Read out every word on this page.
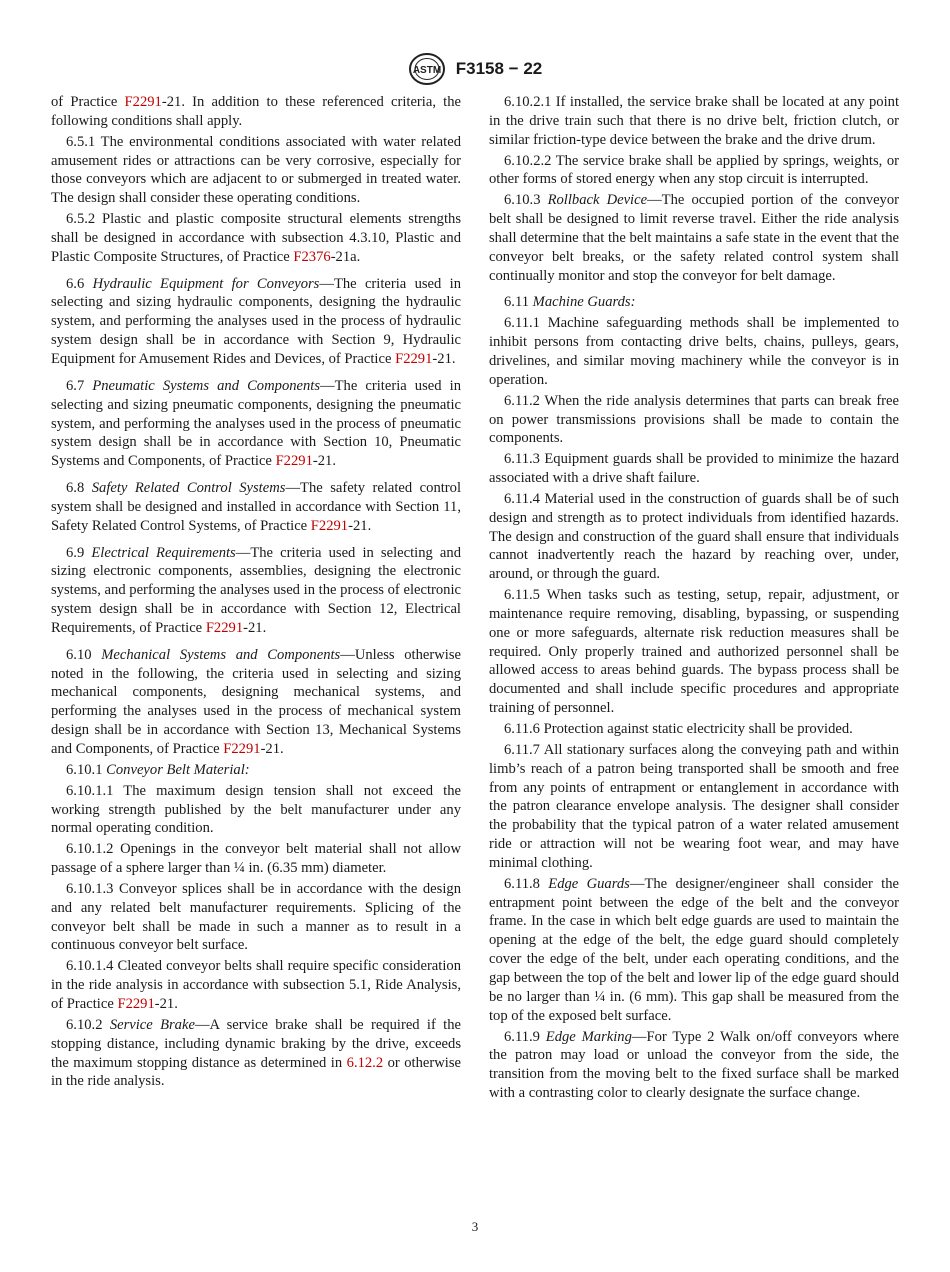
ASTM F3158 − 22

of Practice F2291-21. In addition to these referenced criteria, the following conditions shall apply.

6.5.1 The environmental conditions associated with water related amusement rides or attractions can be very corrosive, especially for those conveyors which are adjacent to or submerged in treated water. The design shall consider these operating conditions.

6.5.2 Plastic and plastic composite structural elements strengths shall be designed in accordance with subsection 4.3.10, Plastic and Plastic Composite Structures, of Practice F2376-21a.

6.6 Hydraulic Equipment for Conveyors—The criteria used in selecting and sizing hydraulic components, designing the hydraulic system, and performing the analyses used in the process of hydraulic system design shall be in accordance with Section 9, Hydraulic Equipment for Amusement Rides and Devices, of Practice F2291-21.

6.7 Pneumatic Systems and Components—The criteria used in selecting and sizing pneumatic components, designing the pneumatic system, and performing the analyses used in the process of pneumatic system design shall be in accordance with Section 10, Pneumatic Systems and Components, of Practice F2291-21.

6.8 Safety Related Control Systems—The safety related control system shall be designed and installed in accordance with Section 11, Safety Related Control Systems, of Practice F2291-21.

6.9 Electrical Requirements—The criteria used in selecting and sizing electronic components, assemblies, designing the electronic systems, and performing the analyses used in the process of electronic system design shall be in accordance with Section 12, Electrical Requirements, of Practice F2291-21.

6.10 Mechanical Systems and Components—Unless otherwise noted in the following, the criteria used in selecting and sizing mechanical components, designing mechanical systems, and performing the analyses used in the process of mechanical system design shall be in accordance with Section 13, Mechanical Systems and Components, of Practice F2291-21.

6.10.1 Conveyor Belt Material:

6.10.1.1 The maximum design tension shall not exceed the working strength published by the belt manufacturer under any normal operating condition.

6.10.1.2 Openings in the conveyor belt material shall not allow passage of a sphere larger than ¼ in. (6.35 mm) diameter.

6.10.1.3 Conveyor splices shall be in accordance with the design and any related belt manufacturer requirements. Splicing of the conveyor belt shall be made in such a manner as to result in a continuous conveyor belt surface.

6.10.1.4 Cleated conveyor belts shall require specific consideration in the ride analysis in accordance with subsection 5.1, Ride Analysis, of Practice F2291-21.

6.10.2 Service Brake—A service brake shall be required if the stopping distance, including dynamic braking by the drive, exceeds the maximum stopping distance as determined in 6.12.2 or otherwise in the ride analysis.

6.10.2.1 If installed, the service brake shall be located at any point in the drive train such that there is no drive belt, friction clutch, or similar friction-type device between the brake and the drive drum.

6.10.2.2 The service brake shall be applied by springs, weights, or other forms of stored energy when any stop circuit is interrupted.

6.10.3 Rollback Device—The occupied portion of the conveyor belt shall be designed to limit reverse travel. Either the ride analysis shall determine that the belt maintains a safe state in the event that the conveyor belt breaks, or the safety related control system shall continually monitor and stop the conveyor for belt damage.

6.11 Machine Guards:

6.11.1 Machine safeguarding methods shall be implemented to inhibit persons from contacting drive belts, chains, pulleys, gears, drivelines, and similar moving machinery while the conveyor is in operation.

6.11.2 When the ride analysis determines that parts can break free on power transmissions provisions shall be made to contain the components.

6.11.3 Equipment guards shall be provided to minimize the hazard associated with a drive shaft failure.

6.11.4 Material used in the construction of guards shall be of such design and strength as to protect individuals from identified hazards. The design and construction of the guard shall ensure that individuals cannot inadvertently reach the hazard by reaching over, under, around, or through the guard.

6.11.5 When tasks such as testing, setup, repair, adjustment, or maintenance require removing, disabling, bypassing, or suspending one or more safeguards, alternate risk reduction measures shall be required. Only properly trained and authorized personnel shall be allowed access to areas behind guards. The bypass process shall be documented and shall include specific procedures and appropriate training of personnel.

6.11.6 Protection against static electricity shall be provided.

6.11.7 All stationary surfaces along the conveying path and within limb’s reach of a patron being transported shall be smooth and free from any points of entrapment or entanglement in accordance with the patron clearance envelope analysis. The designer shall consider the probability that the typical patron of a water related amusement ride or attraction will not be wearing foot wear, and may have minimal clothing.

6.11.8 Edge Guards—The designer/engineer shall consider the entrapment point between the edge of the belt and the conveyor frame. In the case in which belt edge guards are used to maintain the opening at the edge of the belt, the edge guard should completely cover the edge of the belt, under each operating conditions, and the gap between the top of the belt and lower lip of the edge guard should be no larger than ¼ in. (6 mm). This gap shall be measured from the top of the exposed belt surface.

6.11.9 Edge Marking—For Type 2 Walk on/off conveyors where the patron may load or unload the conveyor from the side, the transition from the moving belt to the fixed surface shall be marked with a contrasting color to clearly designate the surface change.

3
